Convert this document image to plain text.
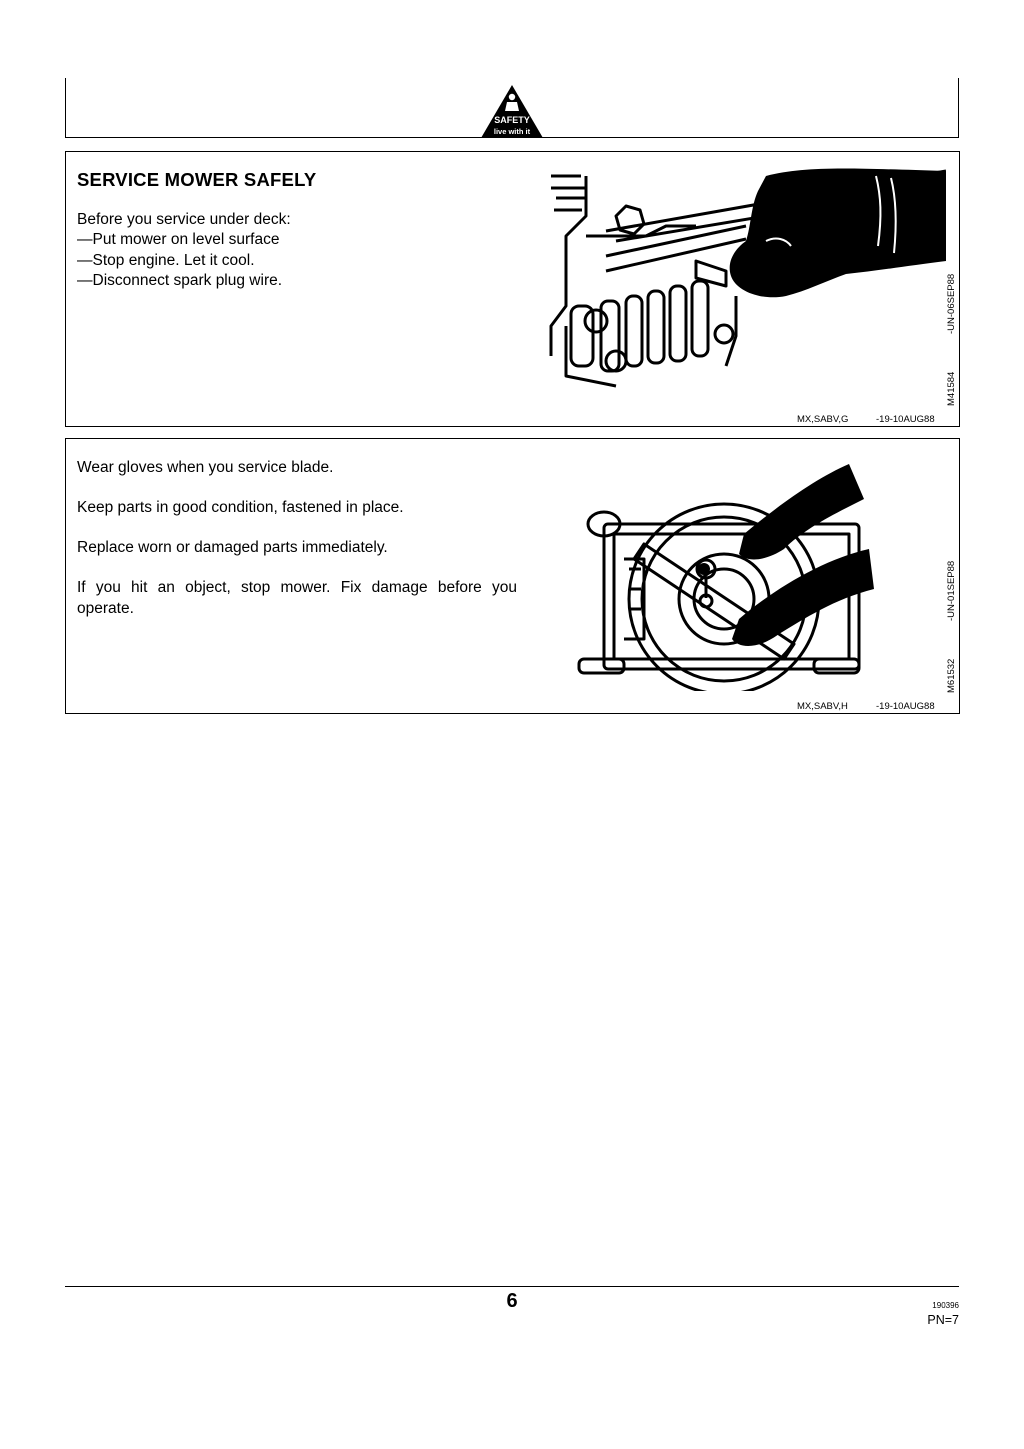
SAFETY
live with it
SERVICE MOWER SAFELY
Before you service under deck:
—Put mower on level surface
—Stop engine. Let it cool.
—Disconnect spark plug wire.
M41584
-UN-06SEP88
MX,SABV,G	-19-10AUG88
Wear gloves when you service blade.
Keep parts in good condition, fastened in place.
Replace worn or damaged parts immediately.
If you hit an object, stop mower. Fix damage before you operate.
M61532
-UN-01SEP88
MX,SABV,H	-19-10AUG88
6	190396
PN=7
